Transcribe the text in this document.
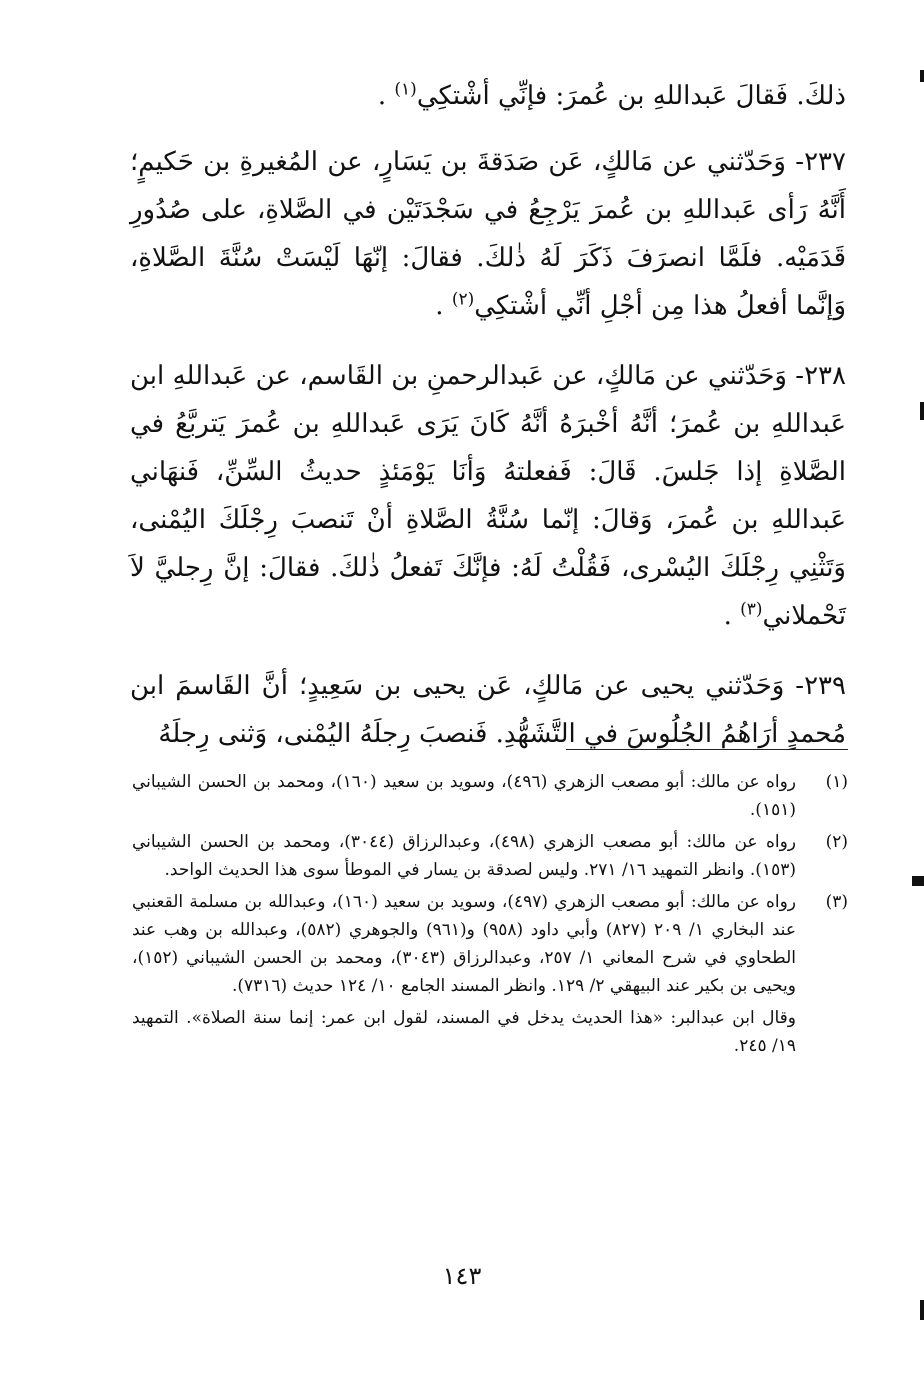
ذلكَ. فَقالَ عَبداللهِ بن عُمرَ: فإنِّي أشْتكِي$^{(١)}$ .

٢٣٧- وَحَدّثني عن مَالكٍ، عَن صَدَقةَ بن يَسَارٍ، عن المُغيرةِ بن حَكيمٍ؛ أَنَّهُ رَأى عَبداللهِ بن عُمرَ يَرْجِعُ في سَجْدَتَيْن في الصَّلاةِ، على صُدُورِ قَدَمَيْه. فلَمَّا انصرَفَ ذَكَرَ لَهُ ذٰلكَ. فقالَ: إنّهَا لَيْسَتْ سُنَّةَ الصَّلاةِ، وَإنَّما أفعلُ هذا مِن أجْلِ أنِّي أشْتكِي$^{(٢)}$ .

٢٣٨- وَحَدّثني عن مَالكٍ، عن عَبدالرحمنِ بن القَاسم، عن عَبداللهِ ابن عَبداللهِ بن عُمرَ؛ أنَّهُ أخْبرَهُ أنَّهُ كَانَ يَرَى عَبداللهِ بن عُمرَ يَتربَّعُ في الصَّلاةِ إذا جَلسَ. قَالَ: فَفعلتهُ وَأنَا يَوْمَئذٍ حديثُ السِّنِّ، فَنهَاني عَبداللهِ بن عُمرَ، وَقالَ: إنّما سُنَّةُ الصَّلاةِ أنْ تَنصبَ رِجْلَكَ اليُمْنى، وَتَثْنِي رِجْلَكَ اليُسْرى، فَقُلْتُ لَهُ: فإنَّكَ تَفعلُ ذٰلكَ. فقالَ: إنَّ رِجليَّ لاَ تَحْملاني$^{(٣)}$ .

٢٣٩- وَحَدّثني يحيى عن مَالكٍ، عَن يحيى بن سَعِيدٍ؛ أنَّ القَاسمَ ابن مُحمدٍ أرَاهُمُ الجُلُوسَ في التَّشَهُّدِ. فَنصبَ رِجلَهُ اليُمْنى، وَثنى رِجلَهُ

(١)
رواه عن مالك: أبو مصعب الزهري (٤٩٦)، وسويد بن سعيد (١٦٠)، ومحمد بن الحسن الشيباني (١٥١).
(٢)
رواه عن مالك: أبو مصعب الزهري (٤٩٨)، وعبدالرزاق (٣٠٤٤)، ومحمد بن الحسن الشيباني (١٥٣). وانظر التمهيد ١٦/ ٢٧١. وليس لصدقة بن يسار في الموطأ سوى هذا الحديث الواحد.
(٣)
رواه عن مالك: أبو مصعب الزهري (٤٩٧)، وسويد بن سعيد (١٦٠)، وعبدالله بن مسلمة القعنبي عند البخاري ١/ ٢٠٩ (٨٢٧) وأبي داود (٩٥٨) و(٩٦١) والجوهري (٥٨٢)، وعبدالله بن وهب عند الطحاوي في شرح المعاني ١/ ٢٥٧، وعبدالرزاق (٣٠٤٣)، ومحمد بن الحسن الشيباني (١٥٢)، ويحيى بن بكير عند البيهقي ٢/ ١٢٩. وانظر المسند الجامع ١٠/ ١٢٤ حديث (٧٣١٦).
وقال ابن عبدالبر: «هذا الحديث يدخل في المسند، لقول ابن عمر: إنما سنة الصلاة». التمهيد ١٩/ ٢٤٥.
١٤٣
